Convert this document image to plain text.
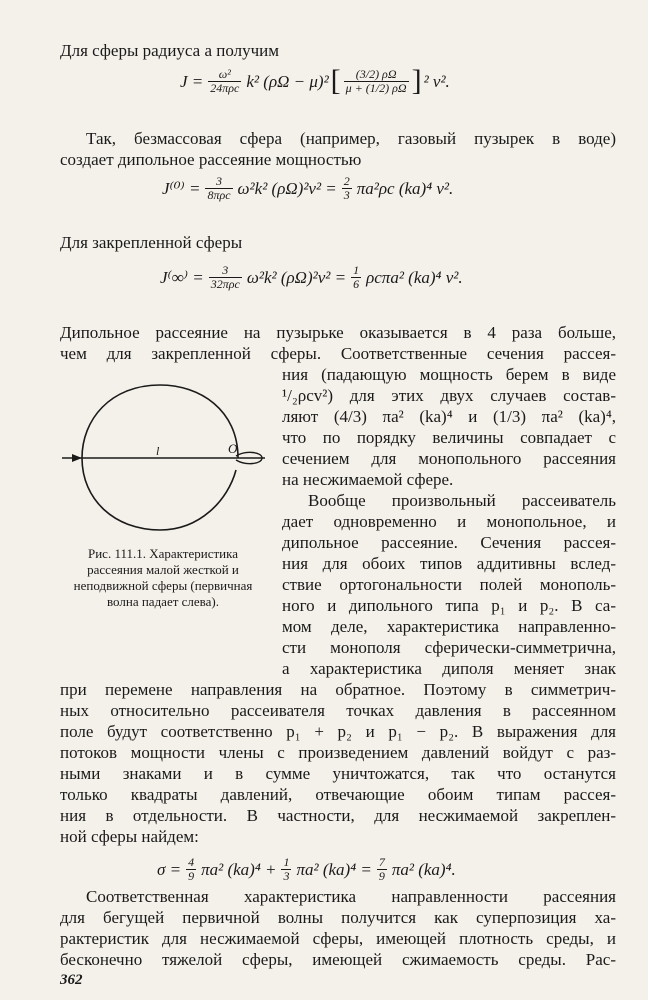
Для сферы радиуса a получим
$J = \frac{\text{ω²}}{\text{24πρc}} k^2$ (ρΩ − μ)² [ $\frac{(3/2) \rho\Omega}{\mu + (1/2) \rho\Omega}$ ] ² v².
Так, безмассовая сфера (например, газовый пузырек в воде)
создает дипольное рассеяние мощностью
$J^{(0)} = \frac{3}{\text{8πρc}} \omega^2k^2$ $(\rho\Omega)^2v^2 = \frac{2}{3} \pi a^2\rho c$ (ka)⁴ v².
Для закрепленной сферы
$J^(\infty^) = \frac{3}{\text{32πρc}} \omega^2k^2$ $(\rho\Omega)^2v^2 = \frac{1}{6} \rho c\pi a^2$ (ka)⁴ v².
Дипольное рассеяние на пузырьке оказывается в 4 раза больше,
чем для закрепленной сферы. Соответственные сечения рассея-
l	O
Рис. 111.1. Характеристика рассеяния малой жесткой и неподвижной сферы (первичная волна падает слева).
ния (падающую мощность берем в виде
¹/₂ρcv²) для этих двух случаев состав-
ляют (4/3) πa² (ka)⁴ и (1/3) πa² (ka)⁴,
что по порядку величины совпадает с
сечением для монопольного рассеяния
на несжимаемой сфере.
Вообще произвольный рассеиватель
дает одновременно и монопольное, и
дипольное рассеяние. Сечения рассея-
ния для обоих типов аддитивны вслед-
ствие ортогональности полей монополь-
ного и дипольного типа p₁ и p₂. В са-
мом деле, характеристика направленно-
сти монополя сферически-симметрична,
а характеристика диполя меняет знак
при перемене направления на обратное. Поэтому в симметрич-
ных относительно рассеивателя точках давления в рассеянном
поле будут соответственно p₁ + p₂ и p₁ − p₂. В выражения для
потоков мощности члены с произведением давлений войдут с раз-
ными знаками и в сумме уничтожатся, так что останутся
только квадраты давлений, отвечающие обоим типам рассея-
ния в отдельности. В частности, для несжимаемой закреплен-
ной сферы найдем:
$\sigma = \frac{4}{9} \pi a^2$ $(ka)^4 + \frac{1}{3} \pi a^2$ $(ka)^4 = \frac{7}{9} \pi a^2$ (ka)⁴.
Соответственная характеристика направленности рассеяния
для бегущей первичной волны получится как суперпозиция ха-
рактеристик для несжимаемой сферы, имеющей плотность среды, и
бесконечно тяжелой сферы, имеющей сжимаемость среды. Рас-
362
